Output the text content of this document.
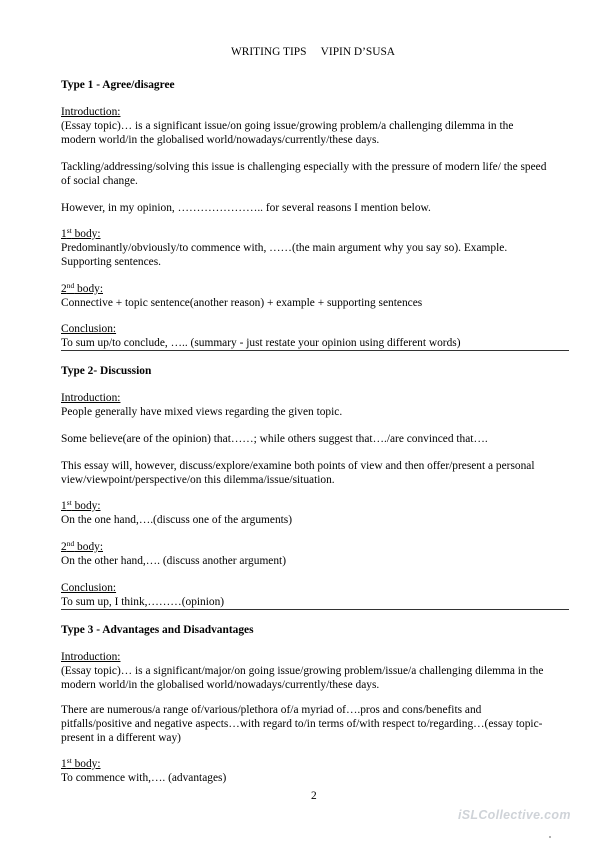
WRITING TIPS VIPIN D’SUSA
Type 1 - Agree/disagree
Introduction:
(Essay topic)… is a significant issue/on going issue/growing problem/a challenging dilemma in the
modern world/in the globalised world/nowadays/currently/these days.
Tackling/addressing/solving this issue is challenging especially with the pressure of modern life/ the speed
of social change.
However, in my opinion, ………………….. for several reasons I mention below.
1st body:
Predominantly/obviously/to commence with, ……(the main argument why you say so). Example.
Supporting sentences.
2nd body:
Connective + topic sentence(another reason) + example + supporting sentences
Conclusion:
To sum up/to conclude, ….. (summary - just restate your opinion using different words)
Type 2- Discussion
Introduction:
People generally have mixed views regarding the given topic.
Some believe(are of the opinion) that……; while others suggest that…./are convinced that….
This essay will, however, discuss/explore/examine both points of view and then offer/present a personal
view/viewpoint/perspective/on this dilemma/issue/situation.
1st body:
On the one hand,….(discuss one of the arguments)
2nd body:
On the other hand,…. (discuss another argument)
Conclusion:
To sum up, I think,………(opinion)
Type 3 - Advantages and Disadvantages
Introduction:
(Essay topic)… is a significant/major/on going issue/growing problem/issue/a challenging dilemma in the
modern world/in the globalised world/nowadays/currently/these days.
There are numerous/a range of/various/plethora of/a myriad of….pros and cons/benefits and
pitfalls/positive and negative aspects…with regard to/in terms of/with respect to/regarding…(essay topic-
present in a different way)
1st body:
To commence with,…. (advantages)
2
iSLCollective.com
